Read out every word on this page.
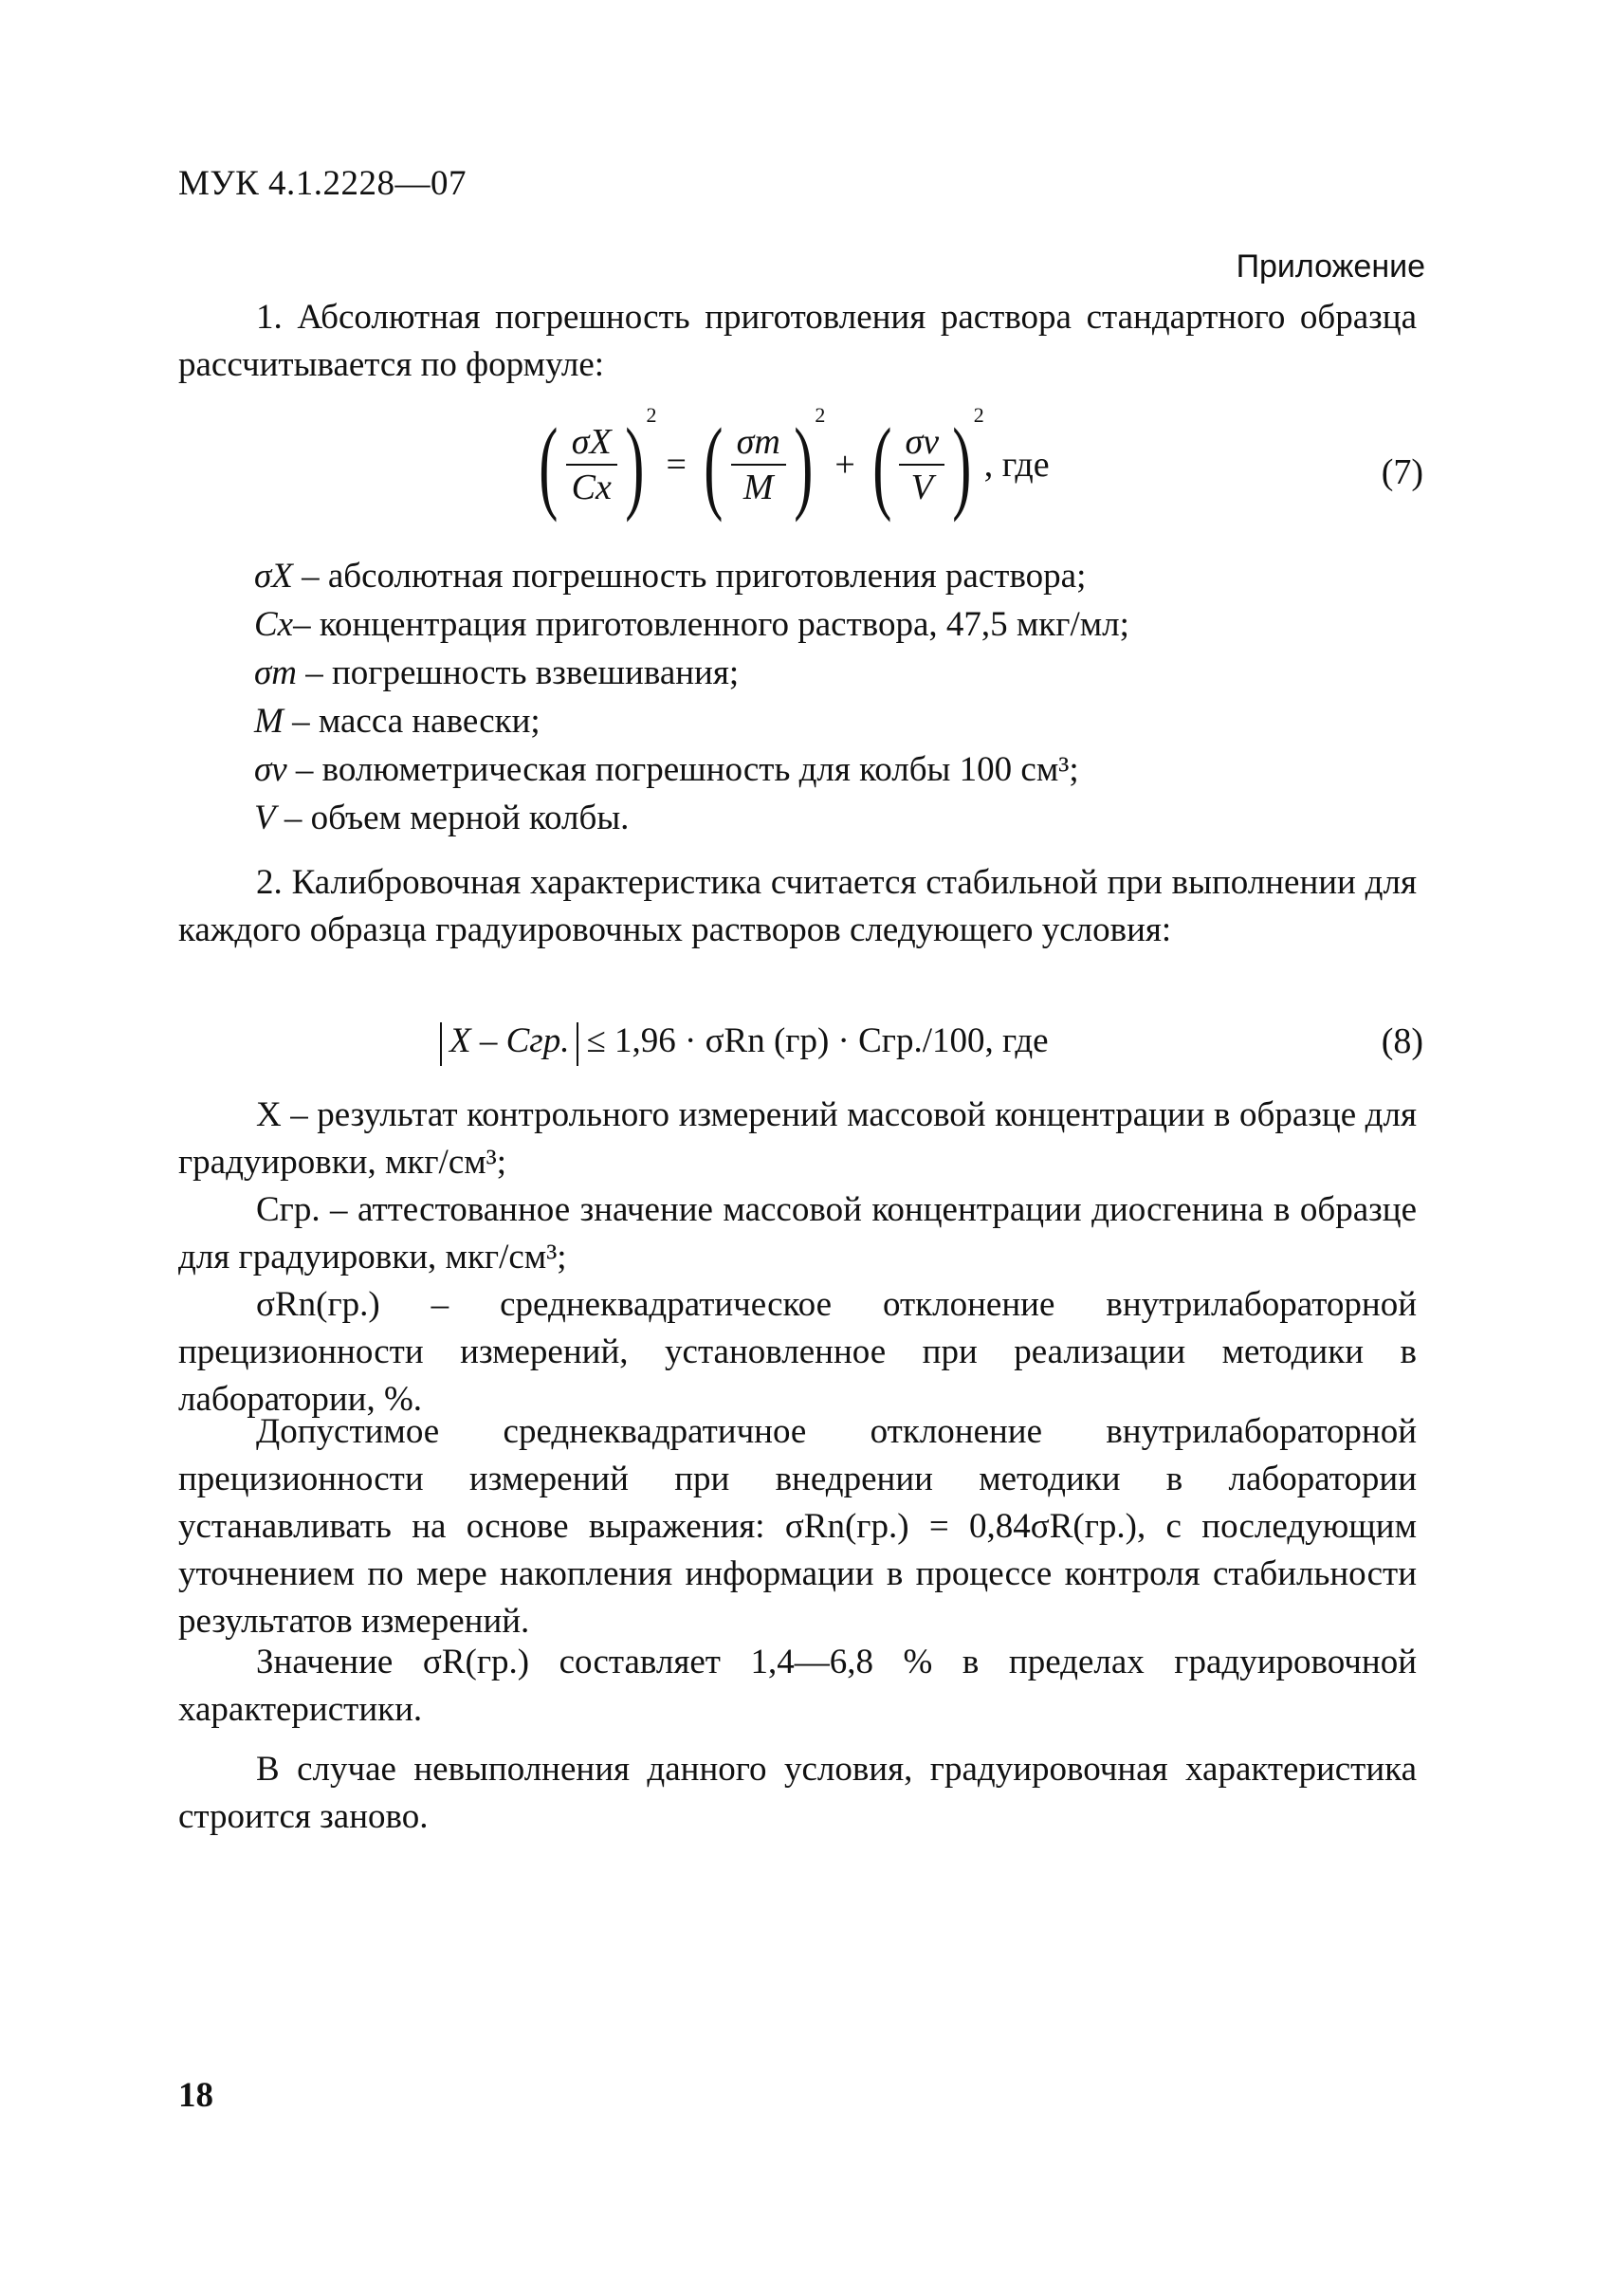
МУК 4.1.2228—07
Приложение
1. Абсолютная погрешность приготовления раствора стандартного образца рассчитывается по формуле:
( $\frac{\sigma X}{Cx}$ ) 2
= ( $\frac{\sigma m}{M}$ ) 2
+ ( $\frac{\sigma v}{V}$ ) 2
, где	(7)
σX – абсолютная погрешность приготовления раствора;
Cx– концентрация приготовленного раствора, 47,5 мкг/мл;
σm – погрешность взвешивания;
M – масса навески;
σv – волюметрическая погрешность для колбы 100 см³;
V – объем мерной колбы.
2. Калибровочная характеристика считается стабильной при выполнении для каждого образца градуировочных растворов следующего условия:
X – Cгр. ≤ 1,96 · σRn (гр) · Cгр./100, где	(8)
X – результат контрольного измерений массовой концентрации в образце для градуировки, мкг/см³;
Cгр. – аттестованное значение массовой концентрации диосгенина в образце для градуировки, мкг/см³;
σRn(гр.) – среднеквадратическое отклонение внутрилабораторной прецизионности измерений, установленное при реализации методики в лаборатории, %.
Допустимое среднеквадратичное отклонение внутрилабораторной прецизионности измерений при внедрении методики в лаборатории устанавливать на основе выражения: σRn(гр.) = 0,84σR(гр.), с последующим уточнением по мере накопления информации в процессе контроля стабильности результатов измерений.
Значение σR(гр.) составляет 1,4—6,8 % в пределах градуировочной характеристики.
В случае невыполнения данного условия, градуировочная характеристика строится заново.
18
